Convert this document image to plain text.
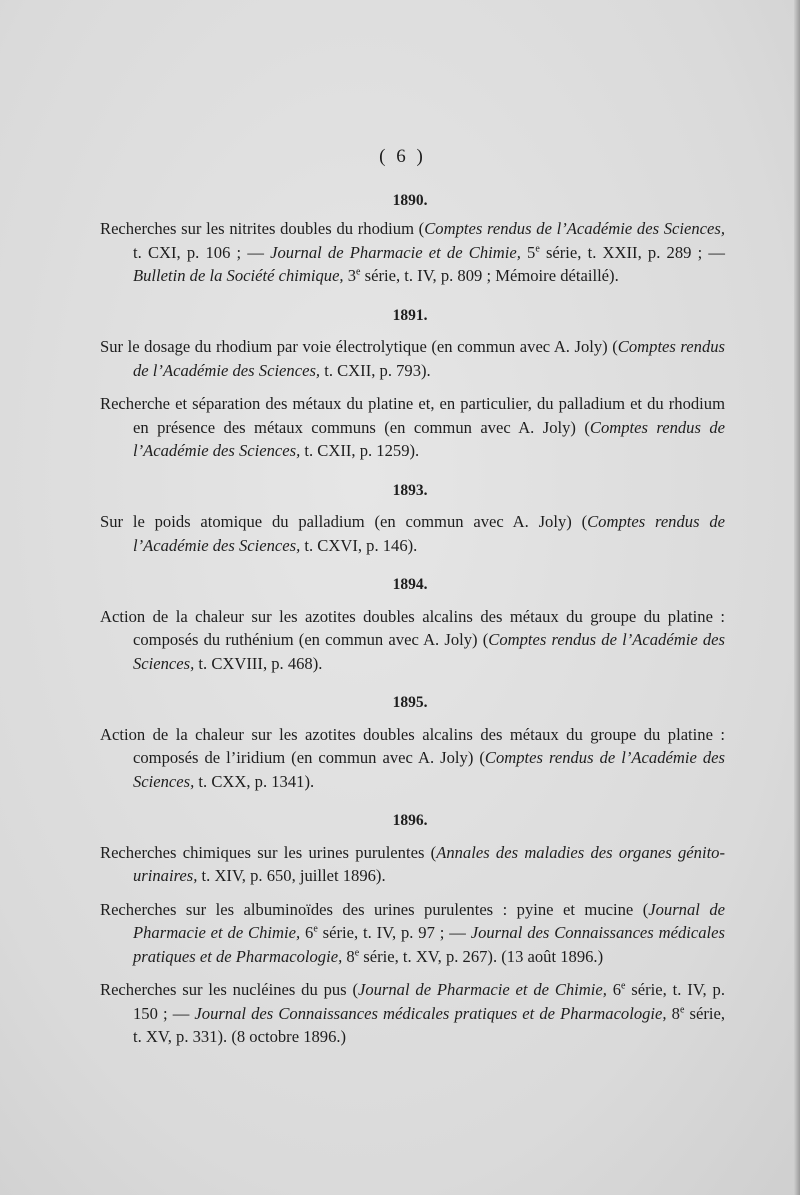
( 6 )
1890.

Recherches sur les nitrites doubles du rhodium (Comptes rendus de l’Académie des Sciences, t. CXI, p. 106 ; — Journal de Pharmacie et de Chimie, 5e série, t. XXII, p. 289 ; — Bulletin de la Société chimique, 3e série, t. IV, p. 809 ; Mémoire détaillé).

1891.

Sur le dosage du rhodium par voie électrolytique (en commun avec A. Joly) (Comptes rendus de l’Académie des Sciences, t. CXII, p. 793).

Recherche et séparation des métaux du platine et, en particulier, du palladium et du rhodium en présence des métaux communs (en commun avec A. Joly) (Comptes rendus de l’Académie des Sciences, t. CXII, p. 1259).

1893.

Sur le poids atomique du palladium (en commun avec A. Joly) (Comptes rendus de l’Académie des Sciences, t. CXVI, p. 146).

1894.

Action de la chaleur sur les azotites doubles alcalins des métaux du groupe du platine : composés du ruthénium (en commun avec A. Joly) (Comptes rendus de l’Académie des Sciences, t. CXVIII, p. 468).

1895.

Action de la chaleur sur les azotites doubles alcalins des métaux du groupe du platine : composés de l’iridium (en commun avec A. Joly) (Comptes rendus de l’Académie des Sciences, t. CXX, p. 1341).

1896.

Recherches chimiques sur les urines purulentes (Annales des maladies des organes génito-urinaires, t. XIV, p. 650, juillet 1896).

Recherches sur les albuminoïdes des urines purulentes : pyine et mucine (Journal de Pharmacie et de Chimie, 6e série, t. IV, p. 97 ; — Journal des Connaissances médicales pratiques et de Pharmacologie, 8e série, t. XV, p. 267). (13 août 1896.)

Recherches sur les nucléines du pus (Journal de Pharmacie et de Chimie, 6e série, t. IV, p. 150 ; — Journal des Connaissances médicales pratiques et de Pharmacologie, 8e série, t. XV, p. 331). (8 octobre 1896.)
